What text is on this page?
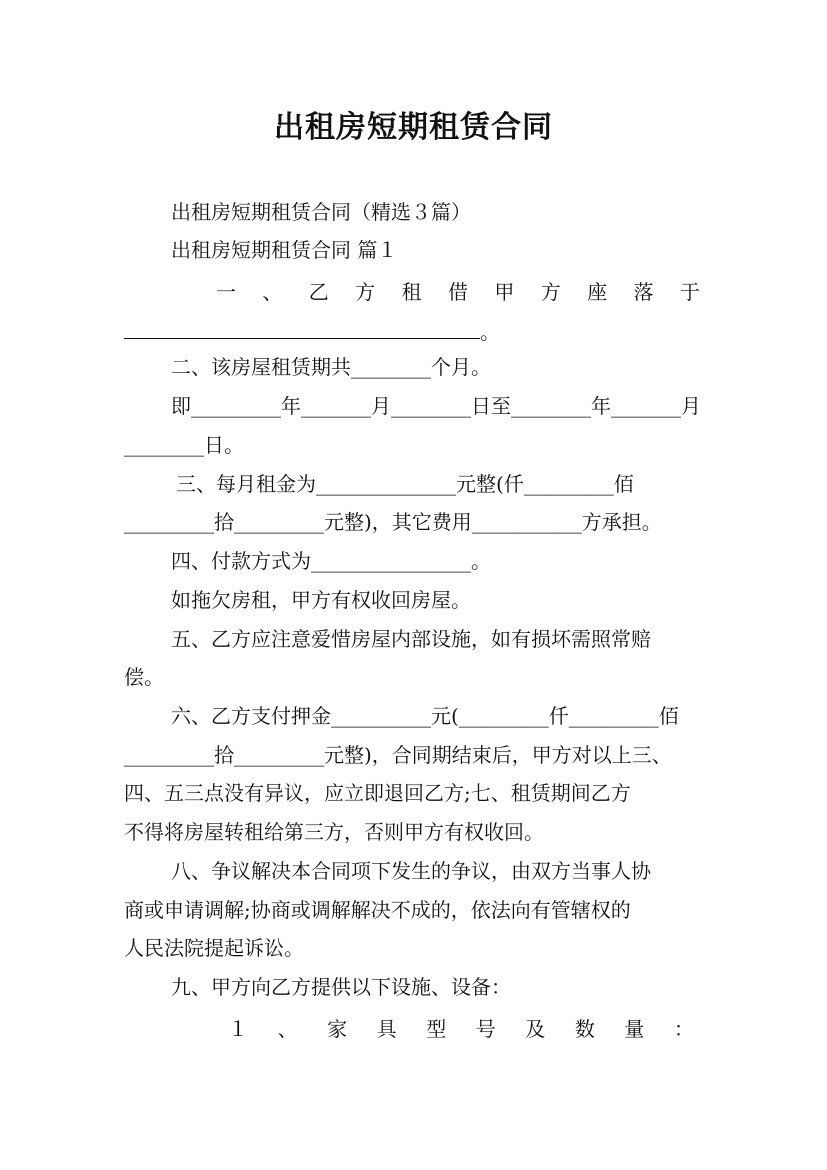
出租房短期租赁合同
出租房短期租赁合同（精选３篇）
出租房短期租赁合同 篇１
一 、 乙 方 租 借 甲 方 座 落 于
。
二、该房屋租赁期共________个月。
即_________年_______月________日至________年_______月
________日。
三、每月租金为______________元整(仟_________佰
_________拾_________元整)，其它费用___________方承担。
四、付款方式为________________。
如拖欠房租，甲方有权收回房屋。
五、乙方应注意爱惜房屋内部设施，如有损坏需照常赔
偿。
六、乙方支付押金__________元(_________仟_________佰
_________拾_________元整)，合同期结束后，甲方对以上三、
四、五三点没有异议，应立即退回乙方;七、租赁期间乙方
不得将房屋转租给第三方，否则甲方有权收回。
八、争议解决本合同项下发生的争议，由双方当事人协
商或申请调解;协商或调解解决不成的，依法向有管辖权的
人民法院提起诉讼。
九、甲方向乙方提供以下设施、设备：
１ 、 家 具 型 号 及 数 量 ：
